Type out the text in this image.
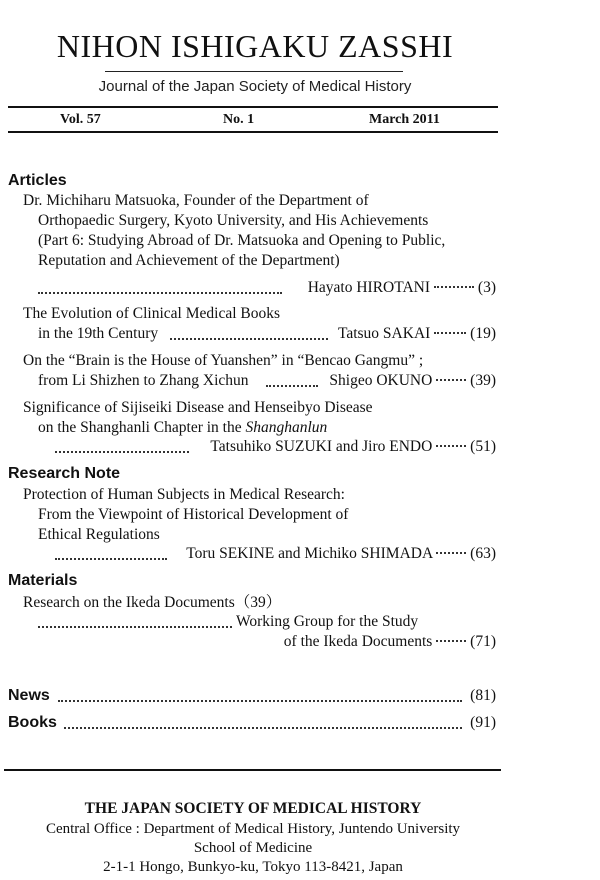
NIHON ISHIGAKU ZASSHI
Journal of the Japan Society of Medical History
Vol. 57	No. 1	March 2011
Articles
Dr. Michiharu Matsuoka, Founder of the Department of
Orthopaedic Surgery, Kyoto University, and His Achievements
(Part 6: Studying Abroad of Dr. Matsuoka and Opening to Public,
Reputation and Achievement of the Department)
Hayato HIROTANI	(3)
The Evolution of Clinical Medical Books
in the 19th Century	Tatsuo SAKAI	(19)
On the “Brain is the House of Yuanshen” in “Bencao Gangmu” ;
from Li Shizhen to Zhang Xichun	Shigeo OKUNO (39)
Significance of Sijiseiki Disease and Henseibyo Disease
on the Shanghanli Chapter in the Shanghanlun
Tatsuhiko SUZUKI and Jiro ENDO (51)
Research Note
Protection of Human Subjects in Medical Research:
From the Viewpoint of Historical Development of
Ethical Regulations
Toru SEKINE and Michiko SHIMADA (63)
Materials
Research on the Ikeda Documents（39）
Working Group for the Study
of the Ikeda Documents (71)
News	(81)
Books	(91)
THE JAPAN SOCIETY OF MEDICAL HISTORY
Central Office : Department of Medical History, Juntendo University
School of Medicine
2-1-1 Hongo, Bunkyo-ku, Tokyo 113-8421, Japan
